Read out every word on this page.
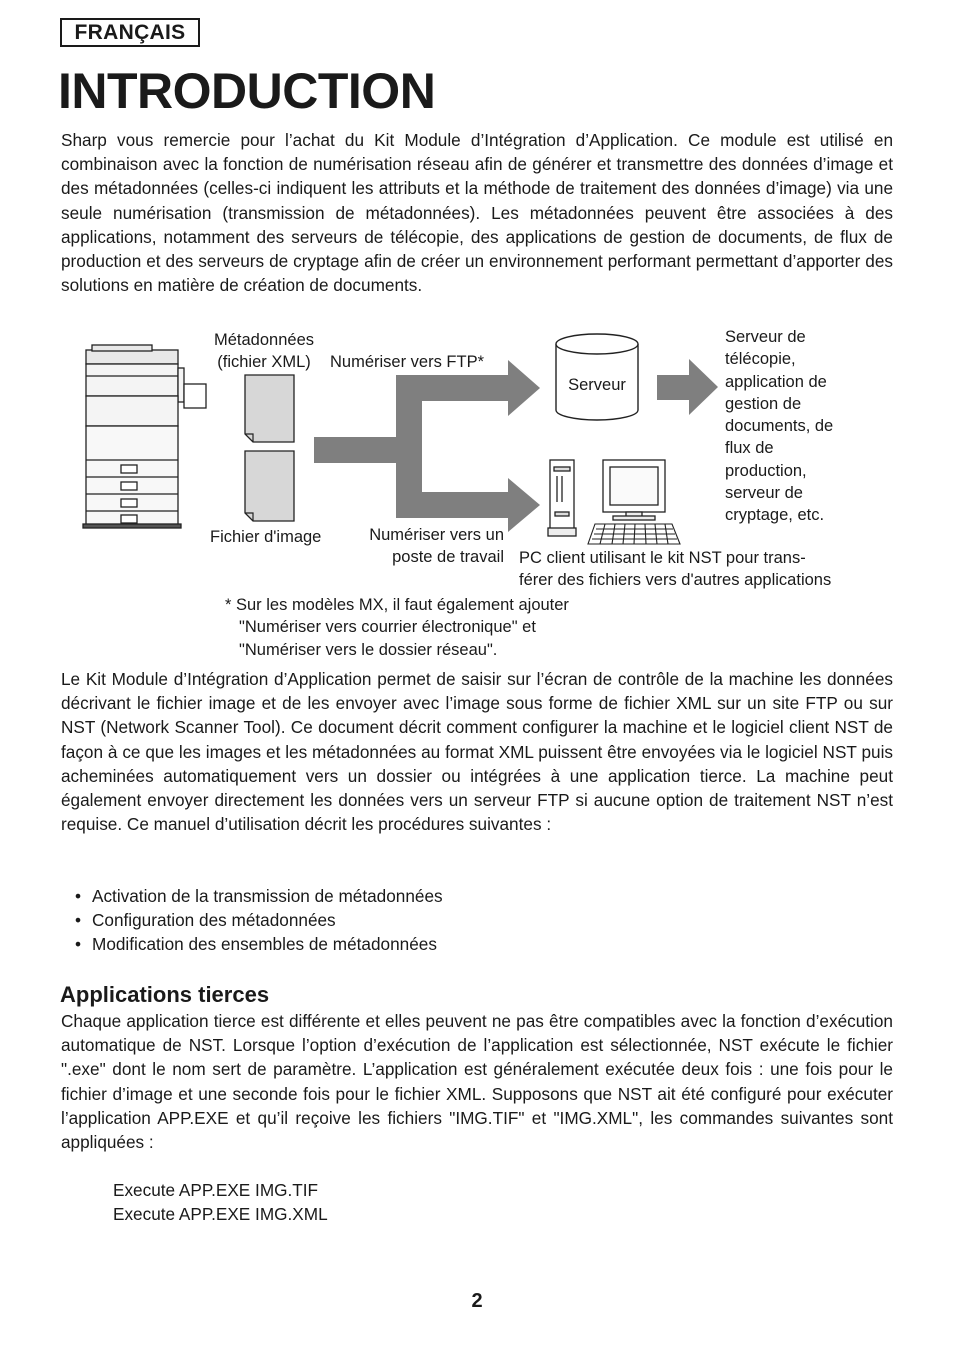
FRANÇAIS
INTRODUCTION

Sharp vous remercie pour l’achat du Kit Module d’Intégration d’Application. Ce module est utilisé en combinaison avec la fonction de numérisation réseau afin de générer et transmettre des données d’image et des métadonnées (celles-ci indiquent les attributs et la méthode de traitement des données d’image) via une seule numérisation (transmission de métadonnées). Les métadonnées peuvent être associées à des applications, notamment des serveurs de télécopie, des applications de gestion de documents, de flux de production et des serveurs de cryptage afin de créer un environnement performant permettant d’apporter des solutions en matière de création de documents.

Métadonnées
(fichier XML)	Numériser vers FTP*
Serveur
Serveur de
télécopie,
application de
gestion de
documents, de
flux de
production,
serveur de
cryptage, etc.
Fichier d'image	Numériser vers un
poste de travail PC client utilisant le kit NST pour trans-
férer des fichiers vers d'autres applications
* Sur les modèles MX, il faut également ajouter
"Numériser vers courrier électronique" et
"Numériser vers le dossier réseau".

Le Kit Module d’Intégration d’Application permet de saisir sur l’écran de contrôle de la machine les données décrivant le fichier image et de les envoyer avec l’image sous forme de fichier XML sur un site FTP ou sur NST (Network Scanner Tool). Ce document décrit comment configurer la machine et le logiciel client NST de façon à ce que les images et les métadonnées au format XML puissent être envoyées via le logiciel NST puis acheminées automatiquement vers un dossier ou intégrées à une application tierce. La machine peut également envoyer directement les données vers un serveur FTP si aucune option de traitement NST n’est requise. Ce manuel d’utilisation décrit les procédures suivantes :

• Activation de la transmission de métadonnées
• Configuration des métadonnées
• Modification des ensembles de métadonnées
Applications tierces

Chaque application tierce est différente et elles peuvent ne pas être compatibles avec la fonction d’exécution automatique de NST. Lorsque l’option d’exécution de l’application est sélectionnée, NST exécute le fichier ".exe" dont le nom sert de paramètre. L’application est généralement exécutée deux fois : une fois pour le fichier d’image et une seconde fois pour le fichier XML. Supposons que NST ait été configuré pour exécuter l’application APP.EXE et qu’il reçoive les fichiers "IMG.TIF" et "IMG.XML", les commandes suivantes sont appliquées :

Execute APP.EXE IMG.TIF
Execute APP.EXE IMG.XML
2
